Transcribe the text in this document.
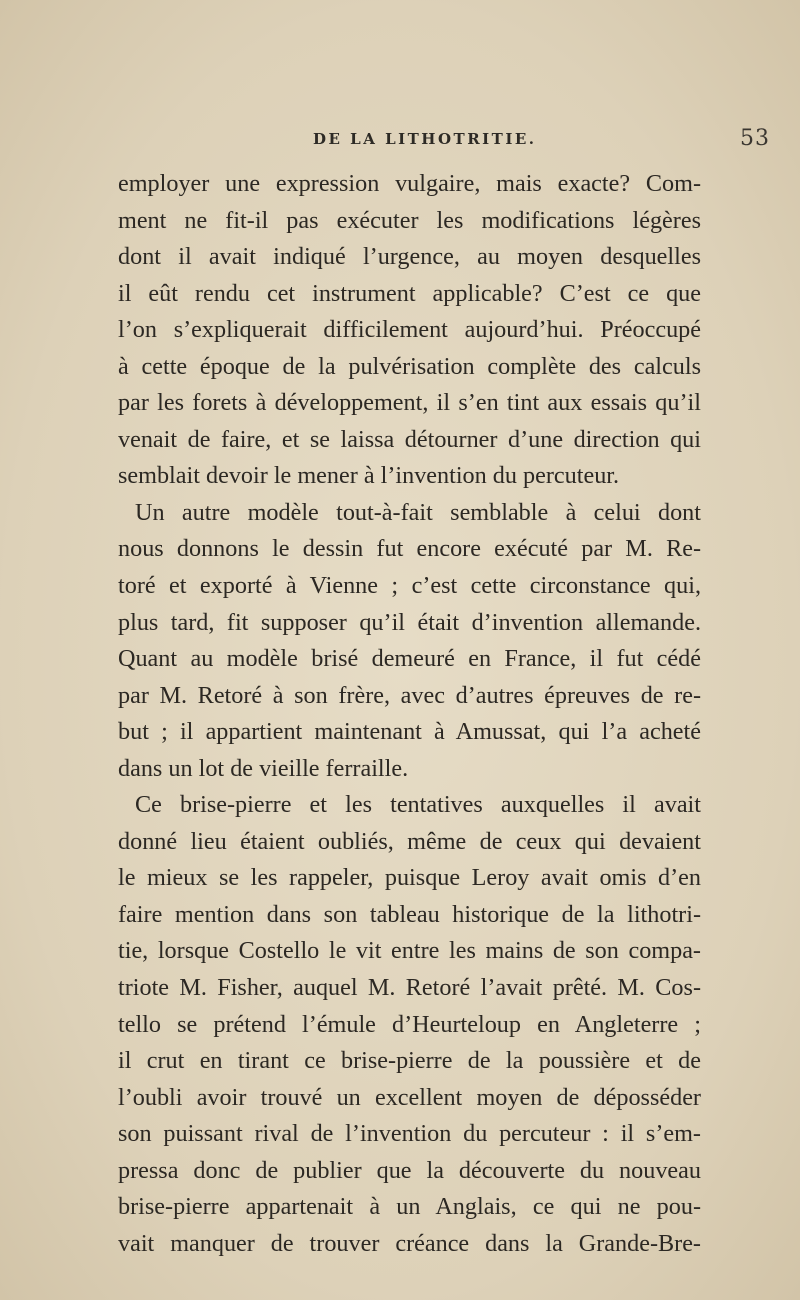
DE LA LITHOTRITIE.	53
employer une expression vulgaire, mais exacte? Com-
ment ne fit-il pas exécuter les modifications légères
dont il avait indiqué l’urgence, au moyen desquelles
il eût rendu cet instrument applicable? C’est ce que
l’on s’expliquerait difficilement aujourd’hui. Préoccupé
à cette époque de la pulvérisation complète des calculs
par les forets à développement, il s’en tint aux essais qu’il
venait de faire, et se laissa détourner d’une direction qui
semblait devoir le mener à l’invention du percuteur.
Un autre modèle tout-à-fait semblable à celui dont
nous donnons le dessin fut encore exécuté par M. Re-
toré et exporté à Vienne ; c’est cette circonstance qui,
plus tard, fit supposer qu’il était d’invention allemande.
Quant au modèle brisé demeuré en France, il fut cédé
par M. Retoré à son frère, avec d’autres épreuves de re-
but ; il appartient maintenant à Amussat, qui l’a acheté
dans un lot de vieille ferraille.
Ce brise-pierre et les tentatives auxquelles il avait
donné lieu étaient oubliés, même de ceux qui devaient
le mieux se les rappeler, puisque Leroy avait omis d’en
faire mention dans son tableau historique de la lithotri-
tie, lorsque Costello le vit entre les mains de son compa-
triote M. Fisher, auquel M. Retoré l’avait prêté. M. Cos-
tello se prétend l’émule d’Heurteloup en Angleterre ;
il crut en tirant ce brise-pierre de la poussière et de
l’oubli avoir trouvé un excellent moyen de déposséder
son puissant rival de l’invention du percuteur : il s’em-
pressa donc de publier que la découverte du nouveau
brise-pierre appartenait à un Anglais, ce qui ne pou-
vait manquer de trouver créance dans la Grande-Bre-
